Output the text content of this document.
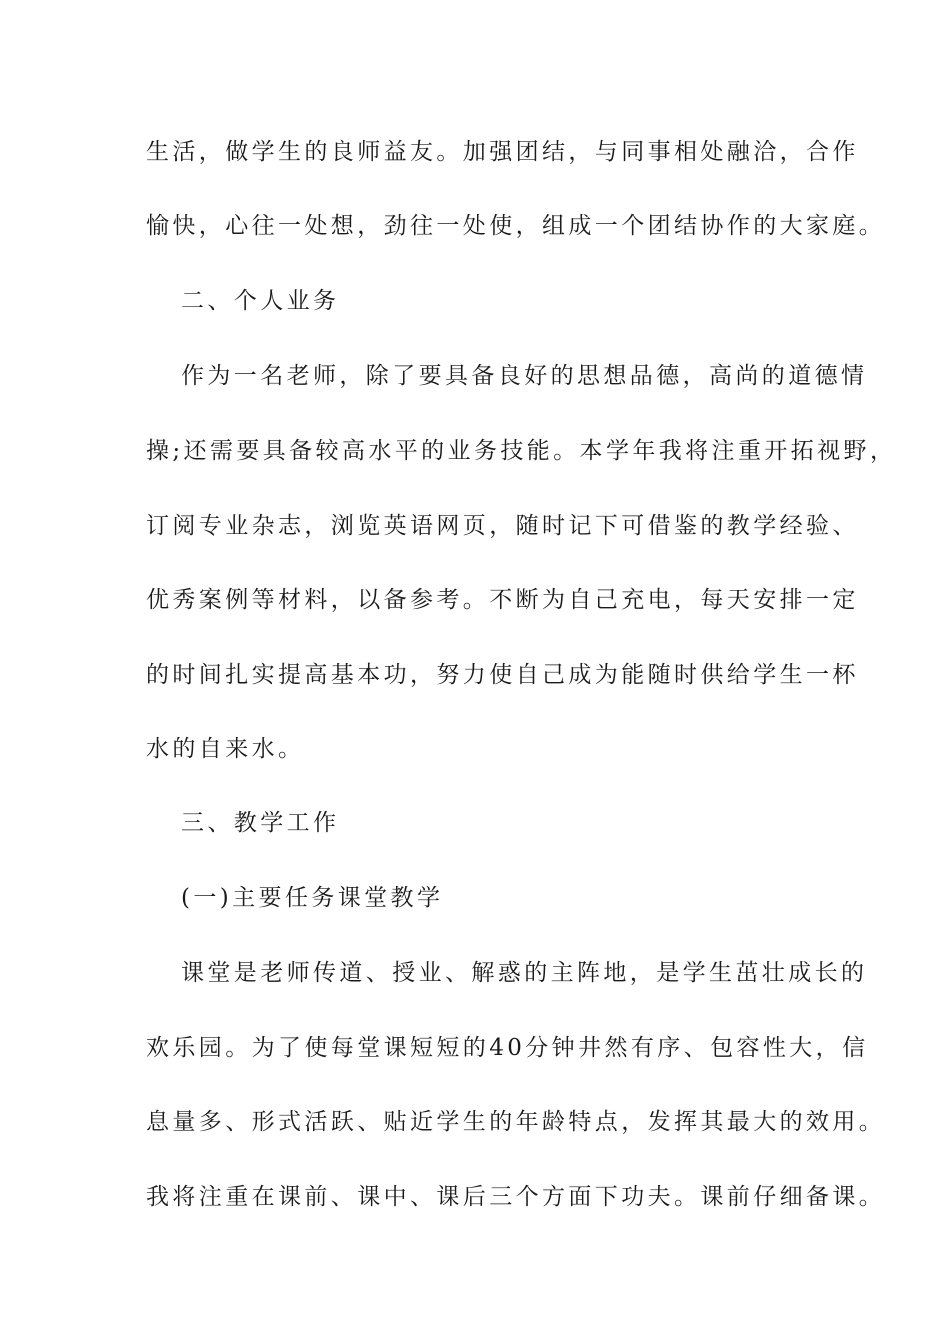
生活，做学生的良师益友。加强团结，与同事相处融洽，合作
愉快，心往一处想，劲往一处使，组成一个团结协作的大家庭。
二、个人业务
作为一名老师，除了要具备良好的思想品德，高尚的道德情
操;还需要具备较高水平的业务技能。本学年我将注重开拓视野，
订阅专业杂志，浏览英语网页，随时记下可借鉴的教学经验、
优秀案例等材料，以备参考。不断为自己充电，每天安排一定
的时间扎实提高基本功，努力使自己成为能随时供给学生一杯
水的自来水。
三、教学工作
(一)主要任务课堂教学
课堂是老师传道、授业、解惑的主阵地，是学生茁壮成长的
欢乐园。为了使每堂课短短的40分钟井然有序、包容性大，信
息量多、形式活跃、贴近学生的年龄特点，发挥其最大的效用。
我将注重在课前、课中、课后三个方面下功夫。课前仔细备课。
